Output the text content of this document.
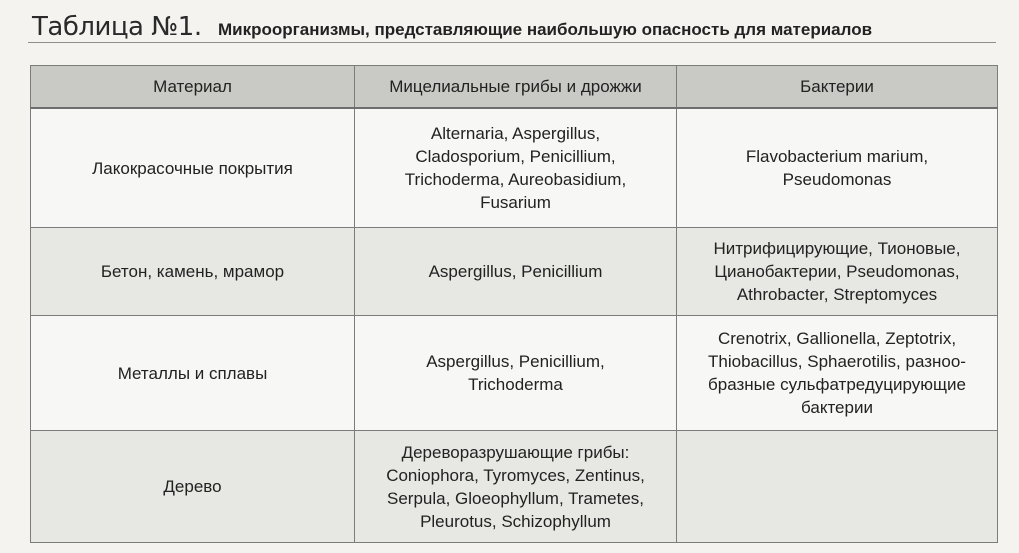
Таблица №1. Микроорганизмы, представляющие наибольшую опасность для материалов
Материал	Мицелиальные грибы и дрожжи	Бактерии
Лакокрасочные покрытия	Alternaria, Aspergillus,
Cladosporium, Penicillium,
Trichoderma, Aureobasidium,
Fusarium	Flavobacterium marium,
Pseudomonas

Бетон, камень, мрамор	Aspergillus, Penicillium	Нитрифицирующие, Тионовые,
Цианобактерии, Pseudomonas,
Athrobacter, Streptomyces

Металлы и сплавы	Aspergillus, Penicillium,
Trichoderma	Crenotrix, Gallionella, Zeptotrix,
Thiobacillus, Sphaerotilis, разноо-
бразные сульфатредуцирующие
бактерии

Дерево	Дереворазрушающие грибы:
Coniophora, Tyromyces, Zentinus,
Serpula, Gloeophyllum, Trametes,
Pleurotus, Schizophyllum	
